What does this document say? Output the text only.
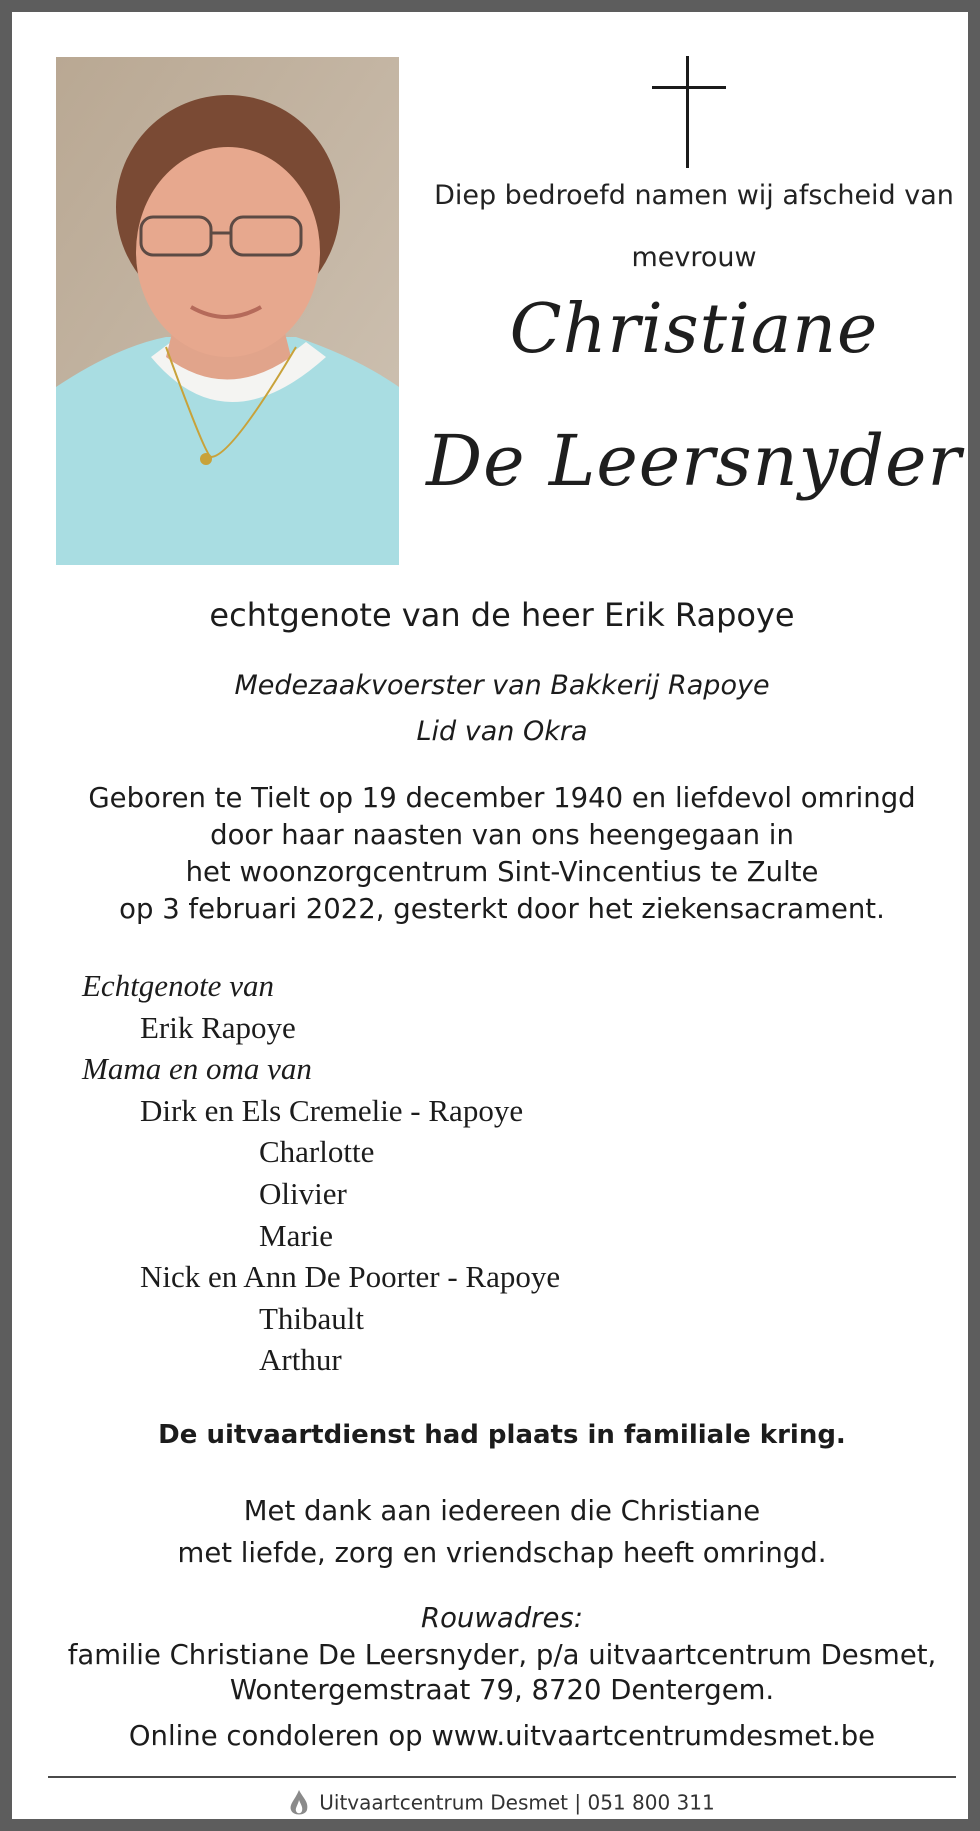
Diep bedroefd namen wij afscheid van
mevrouw
Christiane
De Leersnyder
echtgenote van de heer Erik Rapoye
Medezaakvoerster van Bakkerij Rapoye
Lid van Okra
Geboren te Tielt op 19 december 1940 en liefdevol omringd
door haar naasten van ons heengegaan in
het woonzorgcentrum Sint-Vincentius te Zulte
op 3 februari 2022, gesterkt door het ziekensacrament.
Echtgenote van
Erik Rapoye
Mama en oma van
Dirk en Els Cremelie - Rapoye
Charlotte
Olivier
Marie
Nick en Ann De Poorter - Rapoye
Thibault
Arthur
De uitvaartdienst had plaats in familiale kring.
Met dank aan iedereen die Christiane
met liefde, zorg en vriendschap heeft omringd.
Rouwadres:
familie Christiane De Leersnyder, p/a uitvaartcentrum Desmet,
Wontergemstraat 79, 8720 Dentergem.
Online condoleren op www.uitvaartcentrumdesmet.be
Uitvaartcentrum Desmet | 051 800 311
